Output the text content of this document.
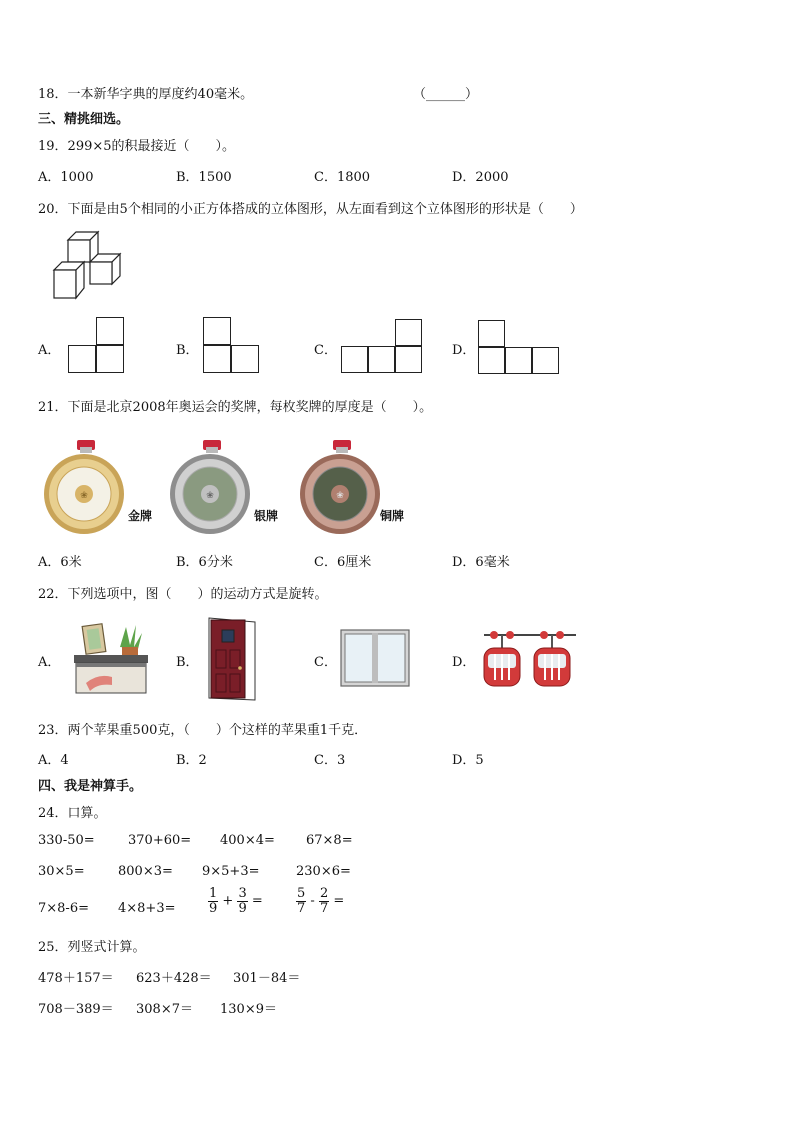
18．一本新华字典的厚度约40毫米。	（______）
三、精挑细选。
19．299×5的积最接近（　　）。
A．1000	B．1500	C．1800	D．2000
20．下面是由5个相同的小正方体搭成的立体图形，从左面看到这个立体图形的形状是（　　）
A．	B．	C．	D．
21．下面是北京2008年奥运会的奖牌，每枚奖牌的厚度是（　　）。
❀
金牌
❀
银牌
❀
铜牌
A．6米	B．6分米	C．6厘米	D．6毫米
22．下列选项中，图（　　）的运动方式是旋转。
A．	B．	C．	D．
23．两个苹果重500克，（　　）个这样的苹果重1千克．
A．4	B．2	C．3	D．5
四、我是神算手。
24．口算。
330-50=	370+60= 400×4= 67×8=
30×5=	800×3= 9×5+3=	230×6=
7×8-6= 4×8+3=	$\frac{1}{9} + \frac{3}{9}$ =	$\frac{5}{7} - \frac{2}{7}$ =
25．列竖式计算。
478＋157＝ 623＋428＝ 301－84＝
708－389＝ 308×7＝ 130×9＝
